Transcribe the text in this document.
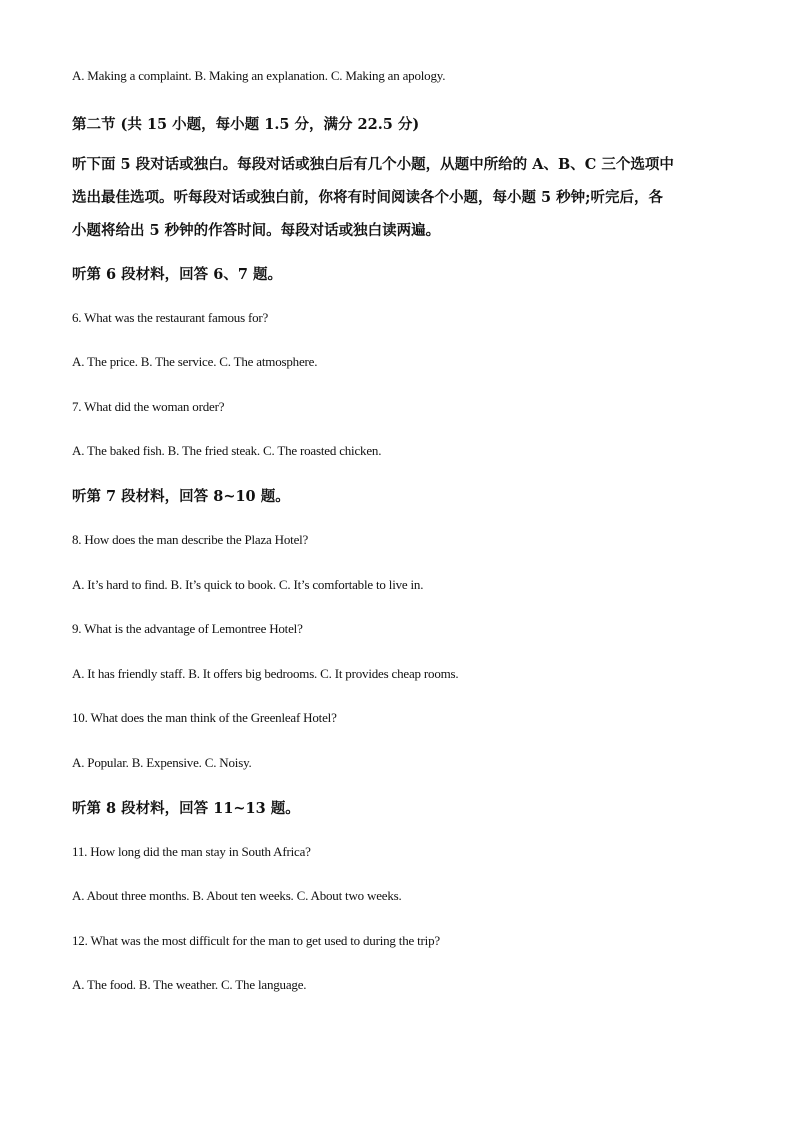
A. Making a complaint. B. Making an explanation. C. Making an apology.
第二节 (共 15 小题，每小题 1.5 分，满分 22.5 分)
听下面 5 段对话或独白。每段对话或独白后有几个小题，从题中所给的 A、B、C 三个选项中
选出最佳选项。听每段对话或独白前，你将有时间阅读各个小题，每小题 5 秒钟;听完后，各
小题将给出 5 秒钟的作答时间。每段对话或独白读两遍。
听第 6 段材料，回答 6、7 题。
6. What was the restaurant famous for?
A. The price. B. The service. C. The atmosphere.
7. What did the woman order?
A. The baked fish. B. The fried steak. C. The roasted chicken.
听第 7 段材料，回答 8~10 题。
8. How does the man describe the Plaza Hotel?
A. It’s hard to find. B. It’s quick to book. C. It’s comfortable to live in.
9. What is the advantage of Lemontree Hotel?
A. It has friendly staff. B. It offers big bedrooms. C. It provides cheap rooms.
10. What does the man think of the Greenleaf Hotel?
A. Popular. B. Expensive. C. Noisy.
听第 8 段材料，回答 11~13 题。
11. How long did the man stay in South Africa?
A. About three months. B. About ten weeks. C. About two weeks.
12. What was the most difficult for the man to get used to during the trip?
A. The food. B. The weather. C. The language.
